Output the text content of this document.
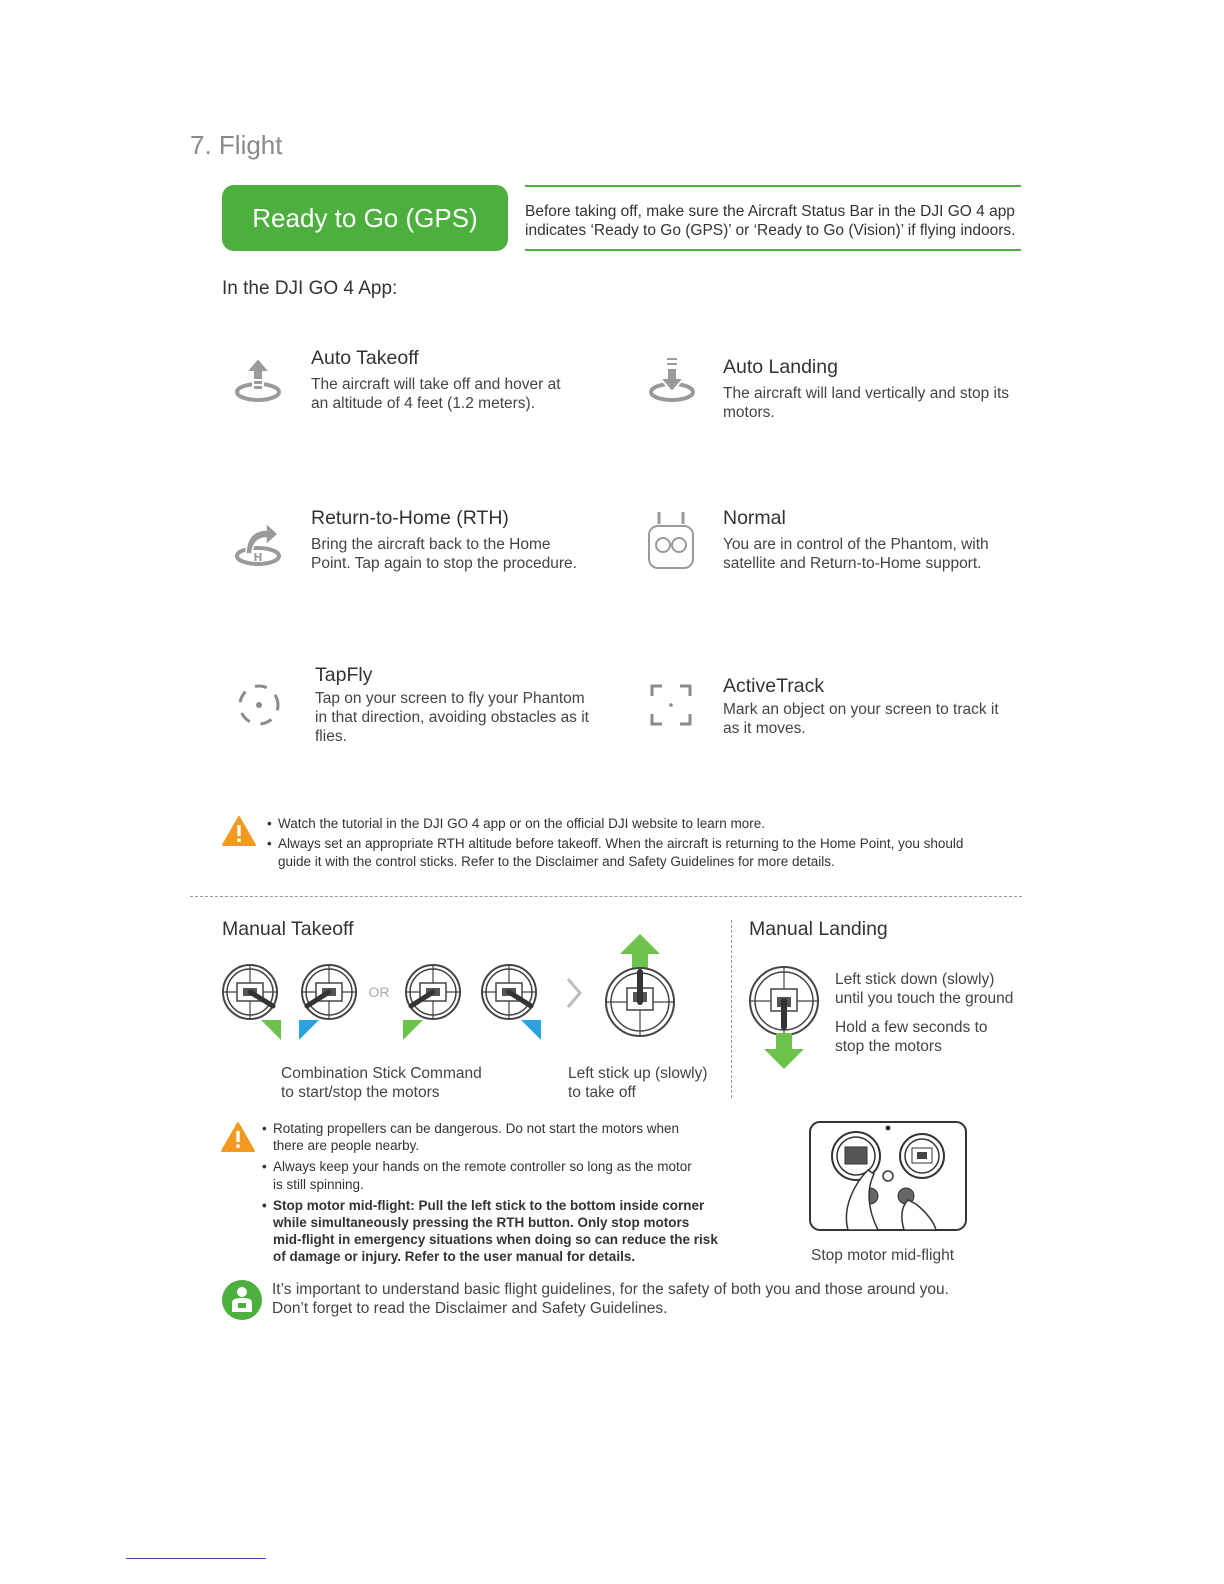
7. Flight
Ready to Go (GPS)	Before taking off, make sure the Aircraft Status Bar in the DJI GO 4 app
indicates ‘Ready to Go (GPS)’ or ‘Ready to Go (Vision)’ if flying indoors.
In the DJI GO 4 App:
Auto Takeoff
The aircraft will take off and hover at
an altitude of 4 feet (1.2 meters).
Auto Landing
The aircraft will land vertically and stop its
motors.
H
Return-to-Home (RTH)
Bring the aircraft back to the Home
Point. Tap again to stop the procedure.
Normal
You are in control of the Phantom, with
satellite and Return-to-Home support.
TapFly
Tap on your screen to fly your Phantom
in that direction, avoiding obstacles as it
flies.
ActiveTrack
Mark an object on your screen to track it
as it moves.
• Watch the tutorial in the DJI GO 4 app or on the official DJI website to learn more.
• Always set an appropriate RTH altitude before takeoff. When the aircraft is returning to the Home Point, you should
guide it with the control sticks. Refer to the Disclaimer and Safety Guidelines for more details.
Manual Takeoff
OR
Combination Stick Command
to start/stop the motors
Left stick up (slowly)
to take off
Manual Landing
Left stick down (slowly)
until you touch the ground
Hold a few seconds to
stop the motors
• Rotating propellers can be dangerous. Do not start the motors when
there are people nearby.
• Always keep your hands on the remote controller so long as the motor
is still spinning.
• Stop motor mid-flight: Pull the left stick to the bottom inside corner
while simultaneously pressing the RTH button. Only stop motors
mid-flight in emergency situations when doing so can reduce the risk
of damage or injury. Refer to the user manual for details.	Stop motor mid-flight
It’s important to understand basic flight guidelines, for the safety of both you and those around you.
Don’t forget to read the Disclaimer and Safety Guidelines.
